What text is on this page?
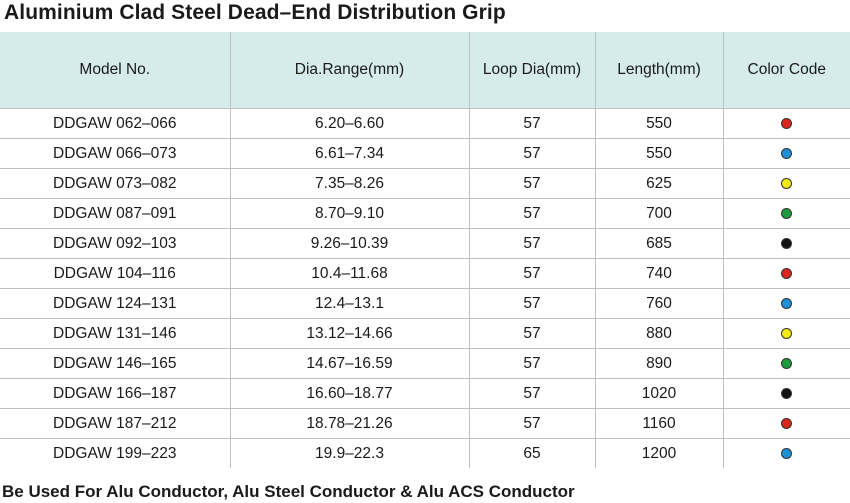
Aluminium Clad Steel Dead–End Distribution Grip
Model No.	Dia.Range(mm)	Loop Dia(mm)	Length(mm)	Color Code
DDGAW 062–066	6.20–6.60	57	550	
DDGAW 066–073	6.61–7.34	57	550	
DDGAW 073–082	7.35–8.26	57	625	
DDGAW 087–091	8.70–9.10	57	700	
DDGAW 092–103	9.26–10.39	57	685	
DDGAW 104–116	10.4–11.68	57	740	
DDGAW 124–131	12.4–13.1	57	760	
DDGAW 131–146	13.12–14.66	57	880	
DDGAW 146–165	14.67–16.59	57	890	
DDGAW 166–187	16.60–18.77	57	1020	
DDGAW 187–212	18.78–21.26	57	1160	
DDGAW 199–223	19.9–22.3	65	1200	
Be Used For Alu Conductor, Alu Steel Conductor & Alu ACS Conductor
